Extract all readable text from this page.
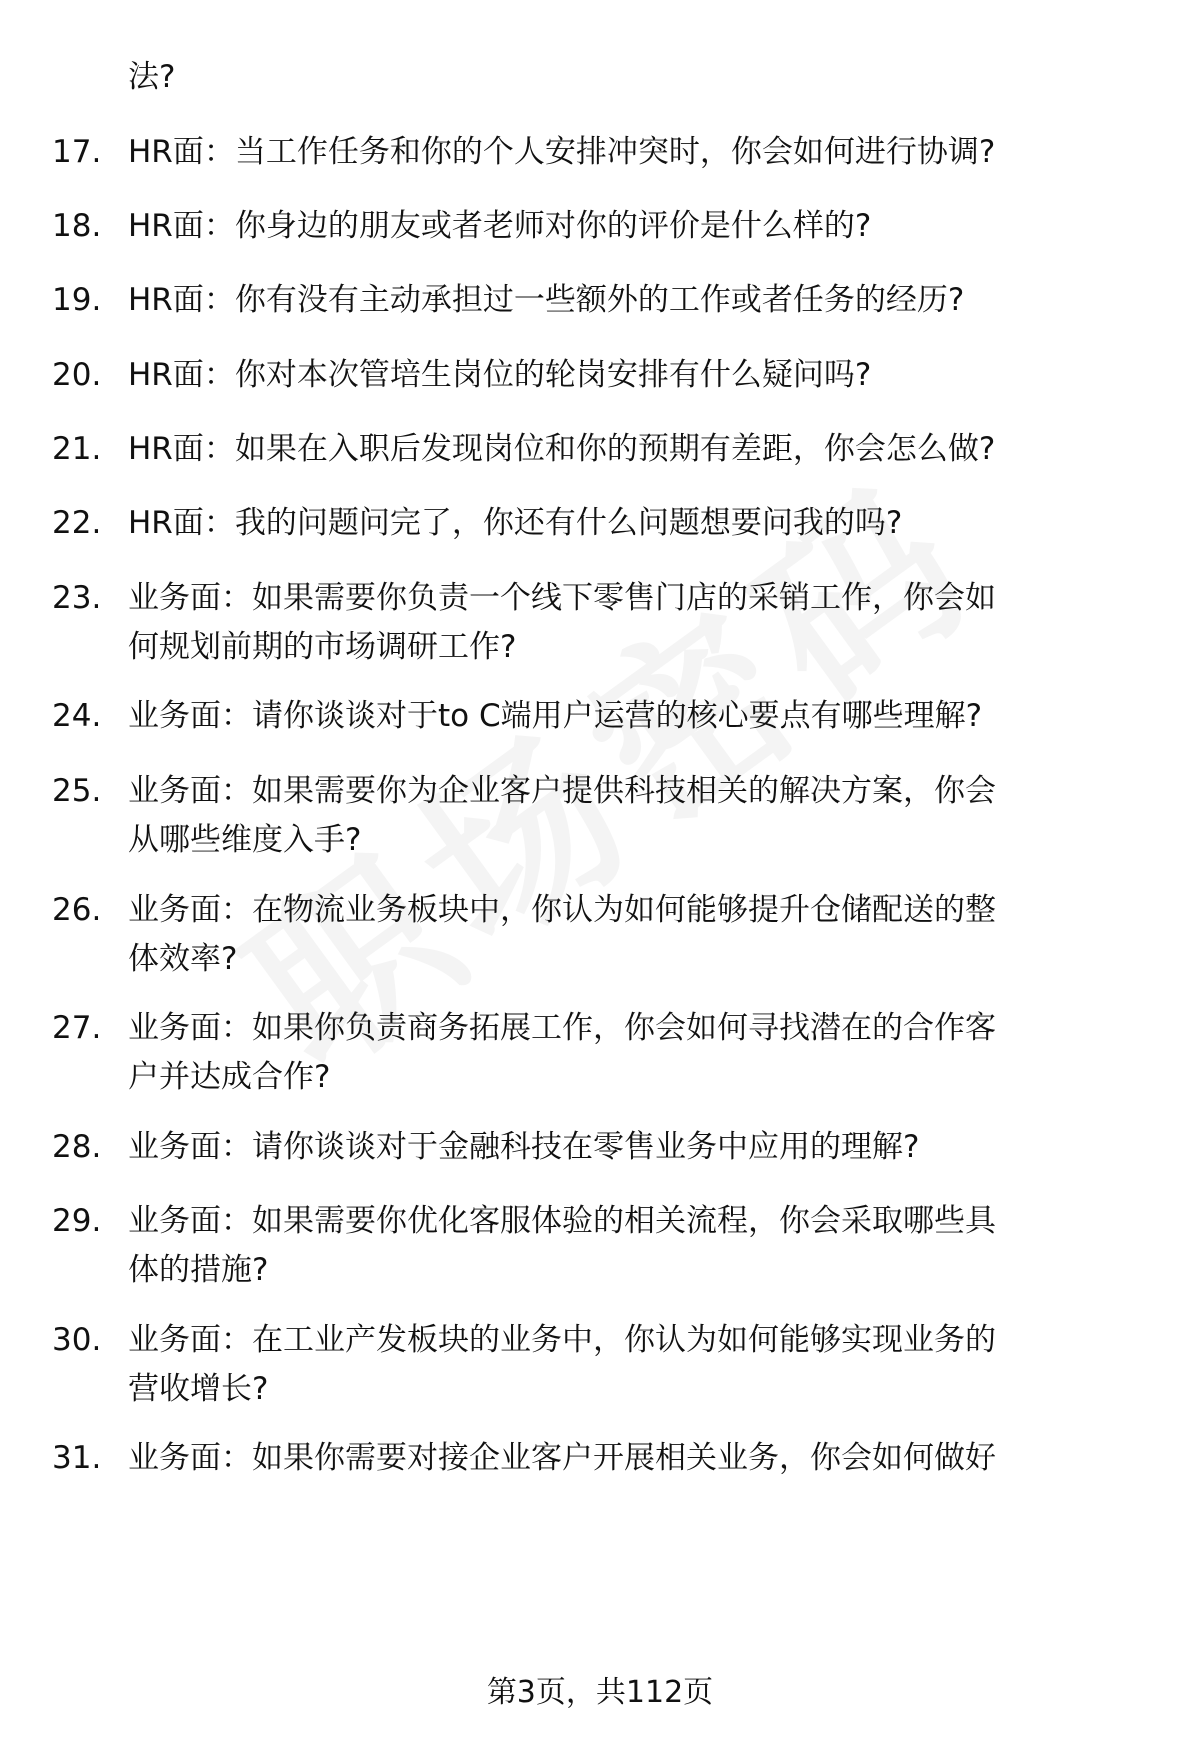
法?
17. HR面：当工作任务和你的个人安排冲突时，你会如何进行协调?
18. HR面：你身边的朋友或者老师对你的评价是什么样的?
19. HR面：你有没有主动承担过一些额外的工作或者任务的经历?
20. HR面：你对本次管培生岗位的轮岗安排有什么疑问吗?
21. HR面：如果在入职后发现岗位和你的预期有差距，你会怎么做?
22. HR面：我的问题问完了，你还有什么问题想要问我的吗?
23. 业务面：如果需要你负责一个线下零售门店的采销工作，你会如
何规划前期的市场调研工作?
24. 业务面：请你谈谈对于to C端用户运营的核心要点有哪些理解?
25. 业务面：如果需要你为企业客户提供科技相关的解决方案，你会
从哪些维度入手?
26. 业务面：在物流业务板块中，你认为如何能够提升仓储配送的整
体效率?
27. 业务面：如果你负责商务拓展工作，你会如何寻找潜在的合作客
户并达成合作?
28. 业务面：请你谈谈对于金融科技在零售业务中应用的理解?
29. 业务面：如果需要你优化客服体验的相关流程，你会采取哪些具
体的措施?
30. 业务面：在工业产发板块的业务中，你认为如何能够实现业务的
营收增长?
31. 业务面：如果你需要对接企业客户开展相关业务，你会如何做好
第3页，共112页
